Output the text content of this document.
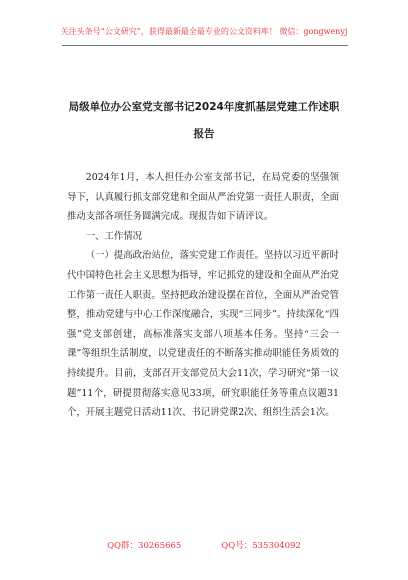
关注头条号“公文研究”，获得最新最全最专业的公文资料库！ 微信：gongwenyj
局级单位办公室党支部书记2024年度抓基层党建工作述职
报告

2024年1月，本人担任办公室支部书记，在局党委的坚强领导下，认真履行抓支部党建和全面从严治党第一责任人职责，全面推动支部各项任务圆满完成。现报告如下请评议。

一、工作情况

（一）提高政治站位，落实党建工作责任。坚持以习近平新时代中国特色社会主义思想为指导，牢记抓党的建设和全面从严治党工作第一责任人职责。坚持把政治建设摆在首位，全面从严治党管整，推动党建与中心工作深度融合，实现“三同步”。持续深化“四强”党支部创建，高标准落实支部八项基本任务。坚持“三会一课”等组织生活制度，以党建责任的不断落实推动职能任务质效的持续提升。目前，支部召开支部党员大会11次，学习研究“第一议题”11个，研提贯彻落实意见33项，研究职能任务等重点议题31个，开展主题党日活动11次、书记讲党课2次、组织生活会1次。

QQ群：30265665	QQ号：535304092
